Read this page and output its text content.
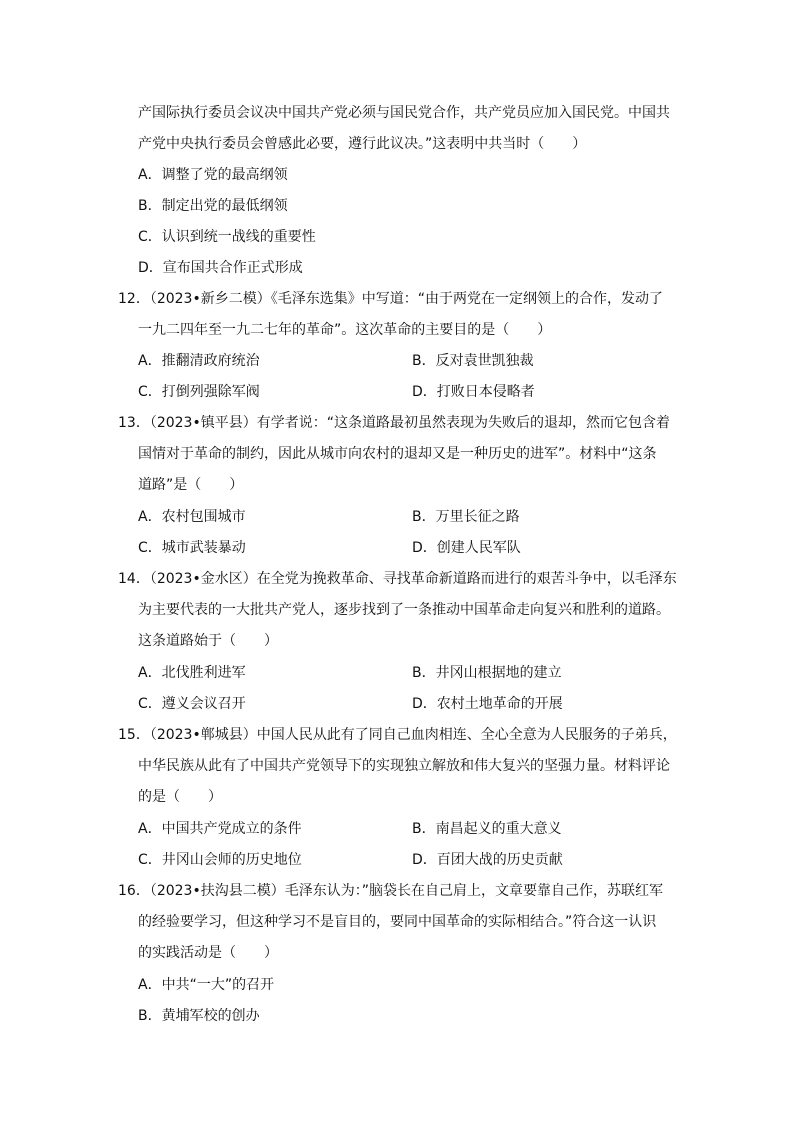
产国际执行委员会议决中国共产党必须与国民党合作，共产党员应加入国民党。中国共
产党中央执行委员会曾感此必要，遵行此议决。”这表明中共当时（　　）
A．调整了党的最高纲领
B．制定出党的最低纲领
C．认识到统一战线的重要性
D．宣布国共合作正式形成
12．（2023•新乡二模）《毛泽东选集》中写道：“由于两党在一定纲领上的合作，发动了
一九二四年至一九二七年的革命”。这次革命的主要目的是（　　）
A．推翻清政府统治	B．反对袁世凯独裁
C．打倒列强除军阀	D．打败日本侵略者
13．（2023•镇平县）有学者说：“这条道路最初虽然表现为失败后的退却，然而它包含着
国情对于革命的制约，因此从城市向农村的退却又是一种历史的进军”。材料中“这条
道路”是（　　）
A．农村包围城市	B．万里长征之路
C．城市武装暴动	D．创建人民军队
14．（2023•金水区）在全党为挽救革命、寻找革命新道路而进行的艰苦斗争中，以毛泽东
为主要代表的一大批共产党人，逐步找到了一条推动中国革命走向复兴和胜利的道路。
这条道路始于（　　）
A．北伐胜利进军	B．井冈山根据地的建立
C．遵义会议召开	D．农村土地革命的开展
15．（2023•郸城县）中国人民从此有了同自己血肉相连、全心全意为人民服务的子弟兵，
中华民族从此有了中国共产党领导下的实现独立解放和伟大复兴的坚强力量。材料评论
的是（　　）
A．中国共产党成立的条件	B．南昌起义的重大意义
C．井冈山会师的历史地位	D．百团大战的历史贡献
16．（2023•扶沟县二模）毛泽东认为：”脑袋长在自己肩上，文章要靠自己作，苏联红军
的经验要学习，但这种学习不是盲目的，要同中国革命的实际相结合。”符合这一认识
的实践活动是（　　）
A．中共“一大”的召开
B．黄埔军校的创办
